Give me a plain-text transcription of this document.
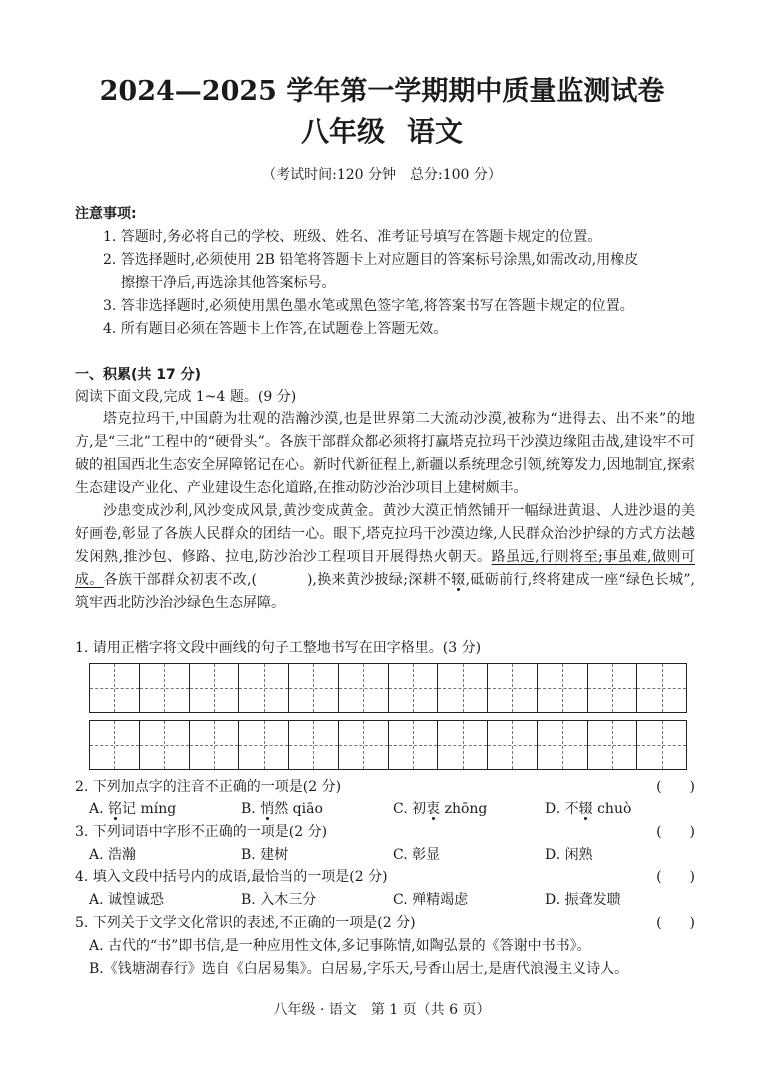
2024—2025 学年第一学期期中质量监测试卷
八年级 语文
（考试时间:120 分钟　总分:100 分）
注意事项:
1. 答题时,务必将自己的学校、班级、姓名、准考证号填写在答题卡规定的位置。
2. 答选择题时,必须使用 2B 铅笔将答题卡上对应题目的答案标号涂黑,如需改动,用橡皮
擦擦干净后,再选涂其他答案标号。
3. 答非选择题时,必须使用黑色墨水笔或黑色签字笔,将答案书写在答题卡规定的位置。
4. 所有题目必须在答题卡上作答,在试题卷上答题无效。
一、积累(共 17 分)
阅读下面文段,完成 1~4 题。(9 分)

塔克拉玛干,中国蔚为壮观的浩瀚沙漠,也是世界第二大流动沙漠,被称为“进得去、出不来”的地方,是“三北”工程中的“硬骨头”。各族干部群众都必须将打赢塔克拉玛干沙漠边缘阻击战,建设牢不可破的祖国西北生态安全屏障铭记在心。新时代新征程上,新疆以系统理念引领,统筹发力,因地制宜,探索生态建设产业化、产业建设生态化道路,在推动防沙治沙项目上建树颇丰。

沙患变成沙利,风沙变成风景,黄沙变成黄金。黄沙大漠正悄然铺开一幅绿进黄退、人进沙退的美好画卷,彰显了各族人民群众的团结一心。眼下,塔克拉玛干沙漠边缘,人民群众治沙护绿的方式方法越发闲熟,推沙包、修路、拉电,防沙治沙工程项目开展得热火朝天。路虽远,行则将至;事虽难,做则可成。各族干部群众初衷不改,(	),换来黄沙披绿;深耕不辍,砥砺前行,终将建成一座“绿色长城”,筑牢西北防沙治沙绿色生态屏障。

1. 请用正楷字将文段中画线的句子工整地书写在田字格里。(3 分)
2. 下列加点字的注音不正确的一项是(2 分)	(　　)
A. 铭记 míng	B. 悄然 qiāo	C. 初衷 zhōng	D. 不辍 chuò
3. 下列词语中字形不正确的一项是(2 分)	(　　)
A. 浩瀚	B. 建树	C. 彰显	D. 闲熟
4. 填入文段中括号内的成语,最恰当的一项是(2 分)	(　　)
A. 诚惶诚恐	B. 入木三分	C. 殚精竭虑	D. 振聋发聩
5. 下列关于文学文化常识的表述,不正确的一项是(2 分)	(　　)
A. 古代的“书”即书信,是一种应用性文体,多记事陈情,如陶弘景的《答谢中书书》。
B.《钱塘湖春行》选自《白居易集》。白居易,字乐天,号香山居士,是唐代浪漫主义诗人。
八年级 · 语文　第 1 页（共 6 页）
